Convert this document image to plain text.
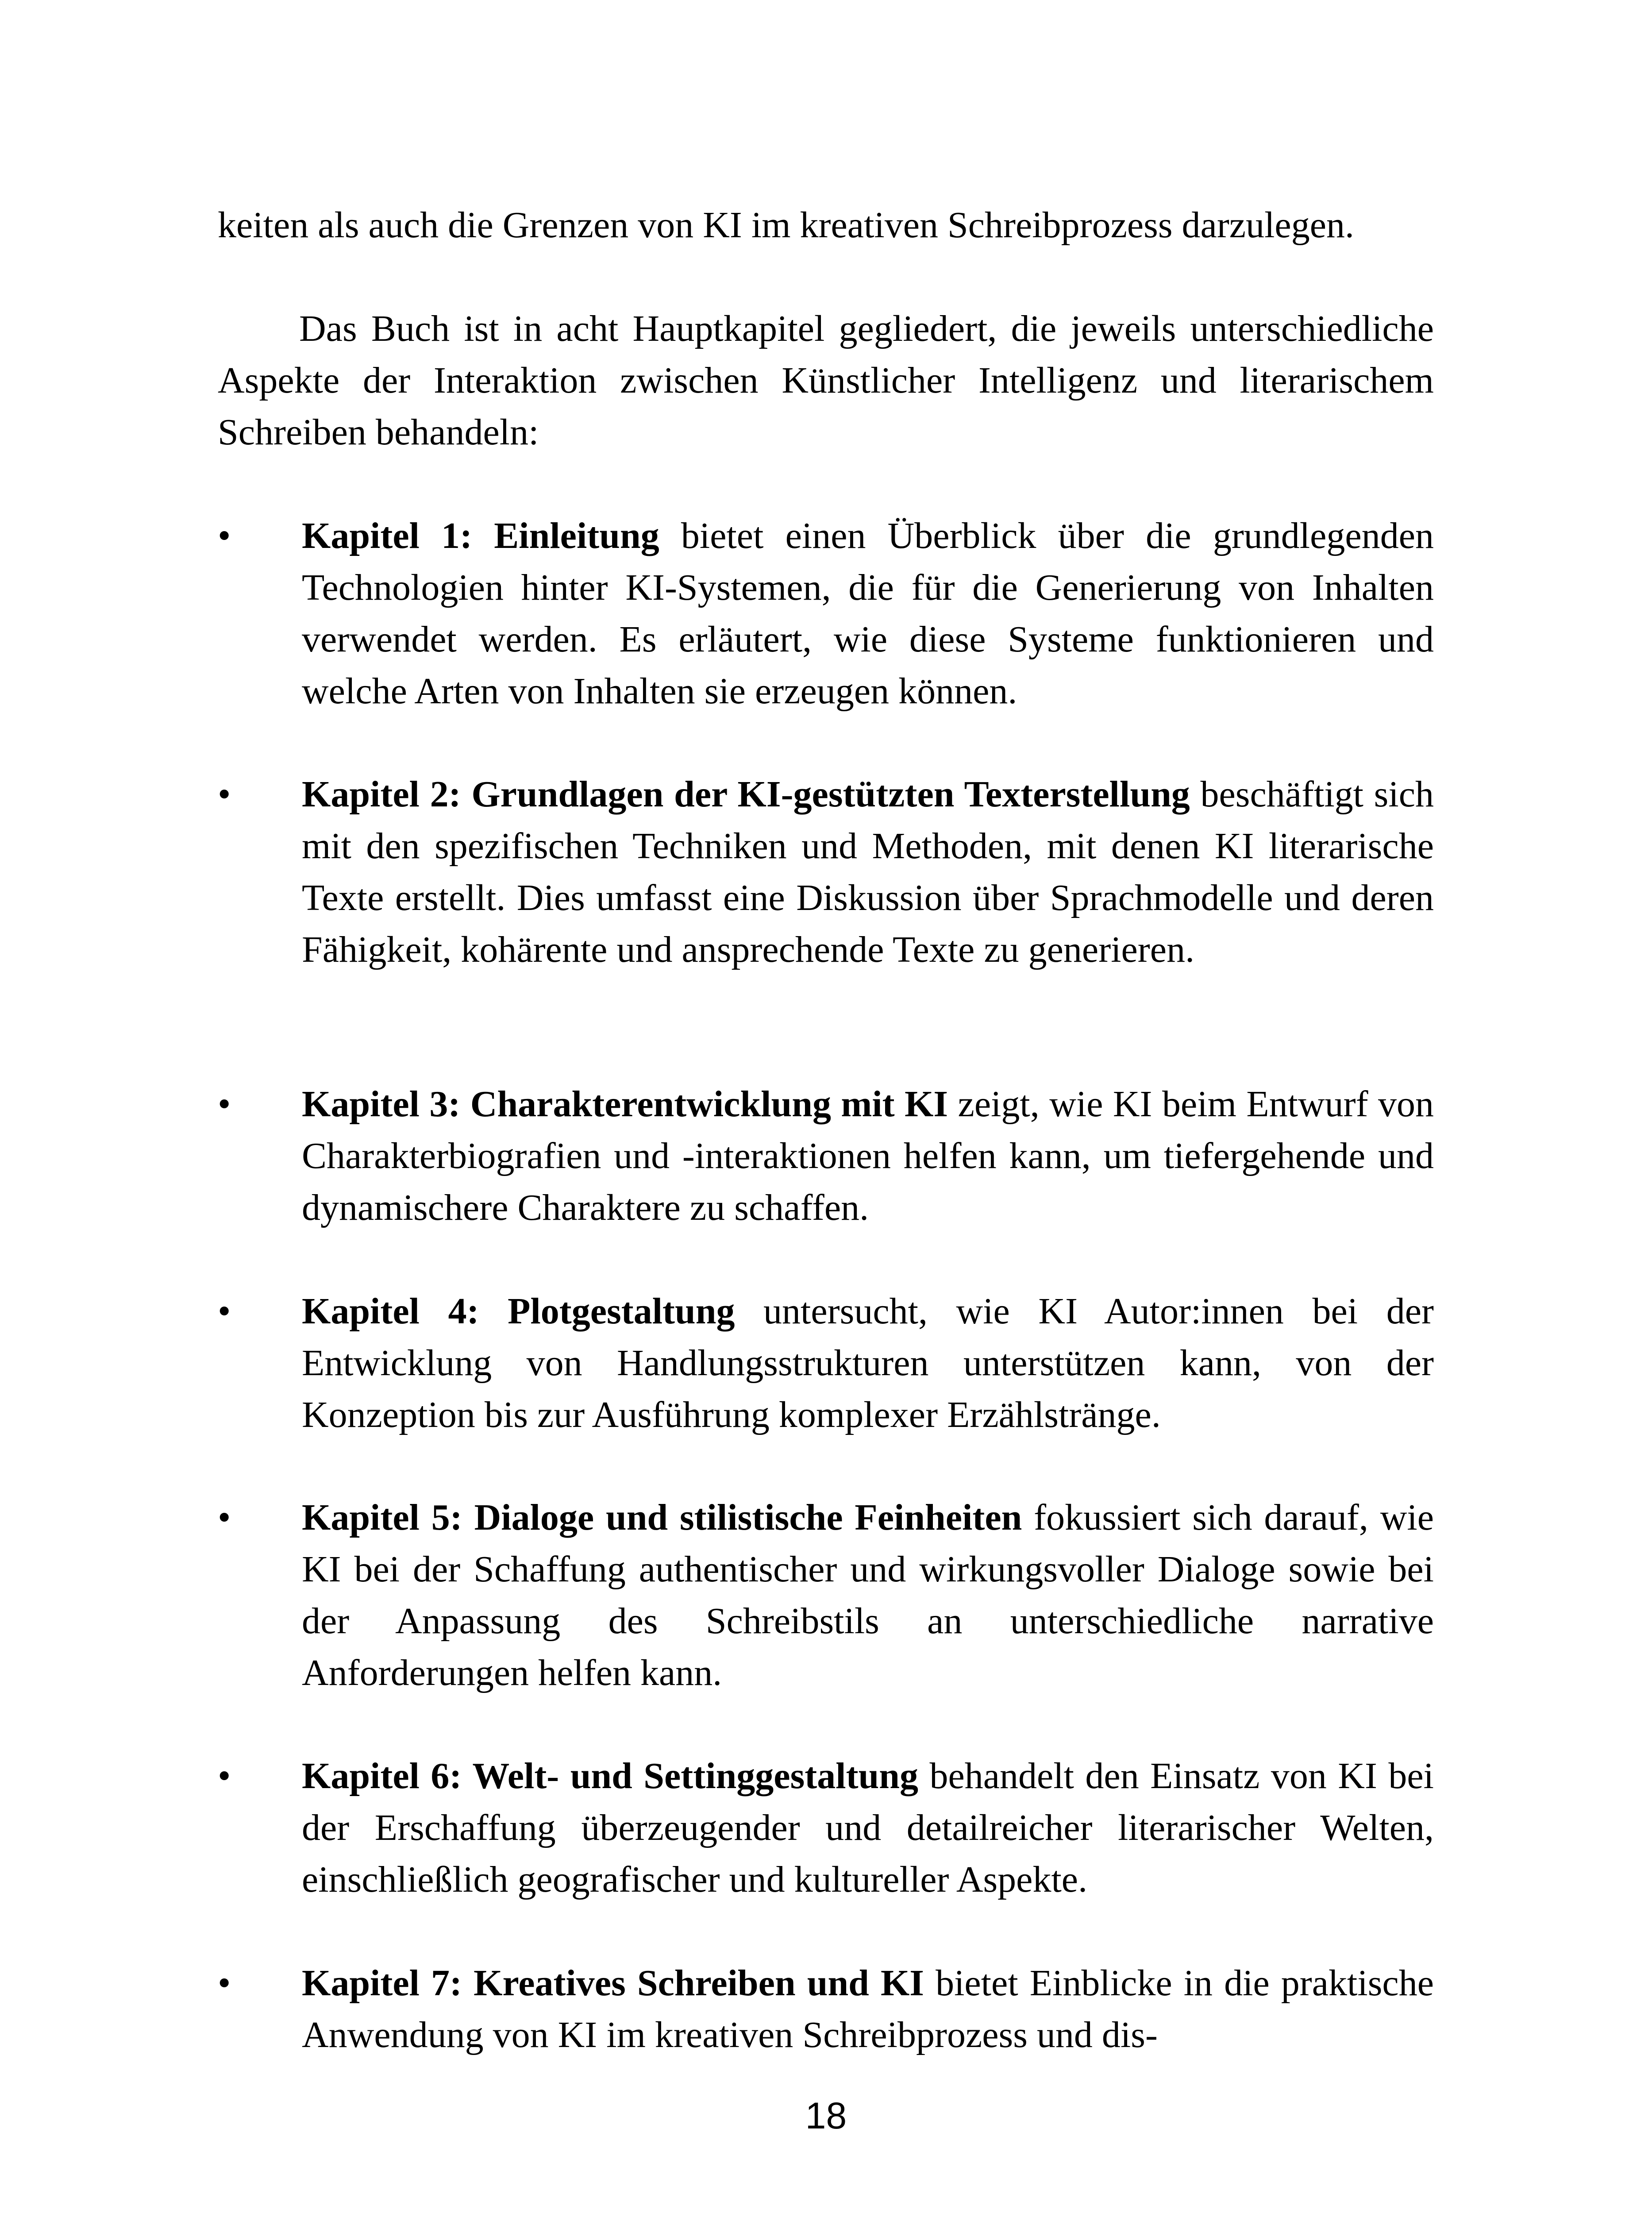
keiten als auch die Grenzen von KI im kreativen Schreibprozess darzulegen.

Das Buch ist in acht Hauptkapitel gegliedert, die jeweils unterschiedliche Aspekte der Interaktion zwischen Künstlicher Intelligenz und literarischem Schreiben behandeln:

•	Kapitel 1: Einleitung bietet einen Überblick über die grundlegenden Technologien hinter KI-Systemen, die für die Generierung von Inhalten verwendet werden. Es erläutert, wie diese Systeme funktionieren und welche Arten von Inhalten sie erzeugen können.
•	Kapitel 2: Grundlagen der KI-gestützten Texterstellung beschäftigt sich mit den spezifischen Techniken und Methoden, mit denen KI literarische Texte erstellt. Dies umfasst eine Diskussion über Sprachmodelle und deren Fähigkeit, kohärente und ansprechende Texte zu generieren.
•	Kapitel 3: Charakterentwicklung mit KI zeigt, wie KI beim Entwurf von Charakterbiografien und -interaktionen helfen kann, um tiefergehende und dynamischere Charaktere zu schaffen.
•	Kapitel 4: Plotgestaltung untersucht, wie KI Autor:innen bei der Entwicklung von Handlungsstrukturen unterstützen kann, von der Konzeption bis zur Ausführung komplexer Erzählstränge.
•	Kapitel 5: Dialoge und stilistische Feinheiten fokussiert sich darauf, wie KI bei der Schaffung authentischer und wirkungsvoller Dialoge sowie bei der Anpassung des Schreibstils an unterschiedliche narrative Anforderungen helfen kann.
•	Kapitel 6: Welt- und Settinggestaltung behandelt den Einsatz von KI bei der Erschaffung überzeugender und detailreicher literarischer Welten, einschließlich geografischer und kultureller Aspekte.
•	Kapitel 7: Kreatives Schreiben und KI bietet Einblicke in die praktische Anwendung von KI im kreativen Schreibprozess und dis-
18
